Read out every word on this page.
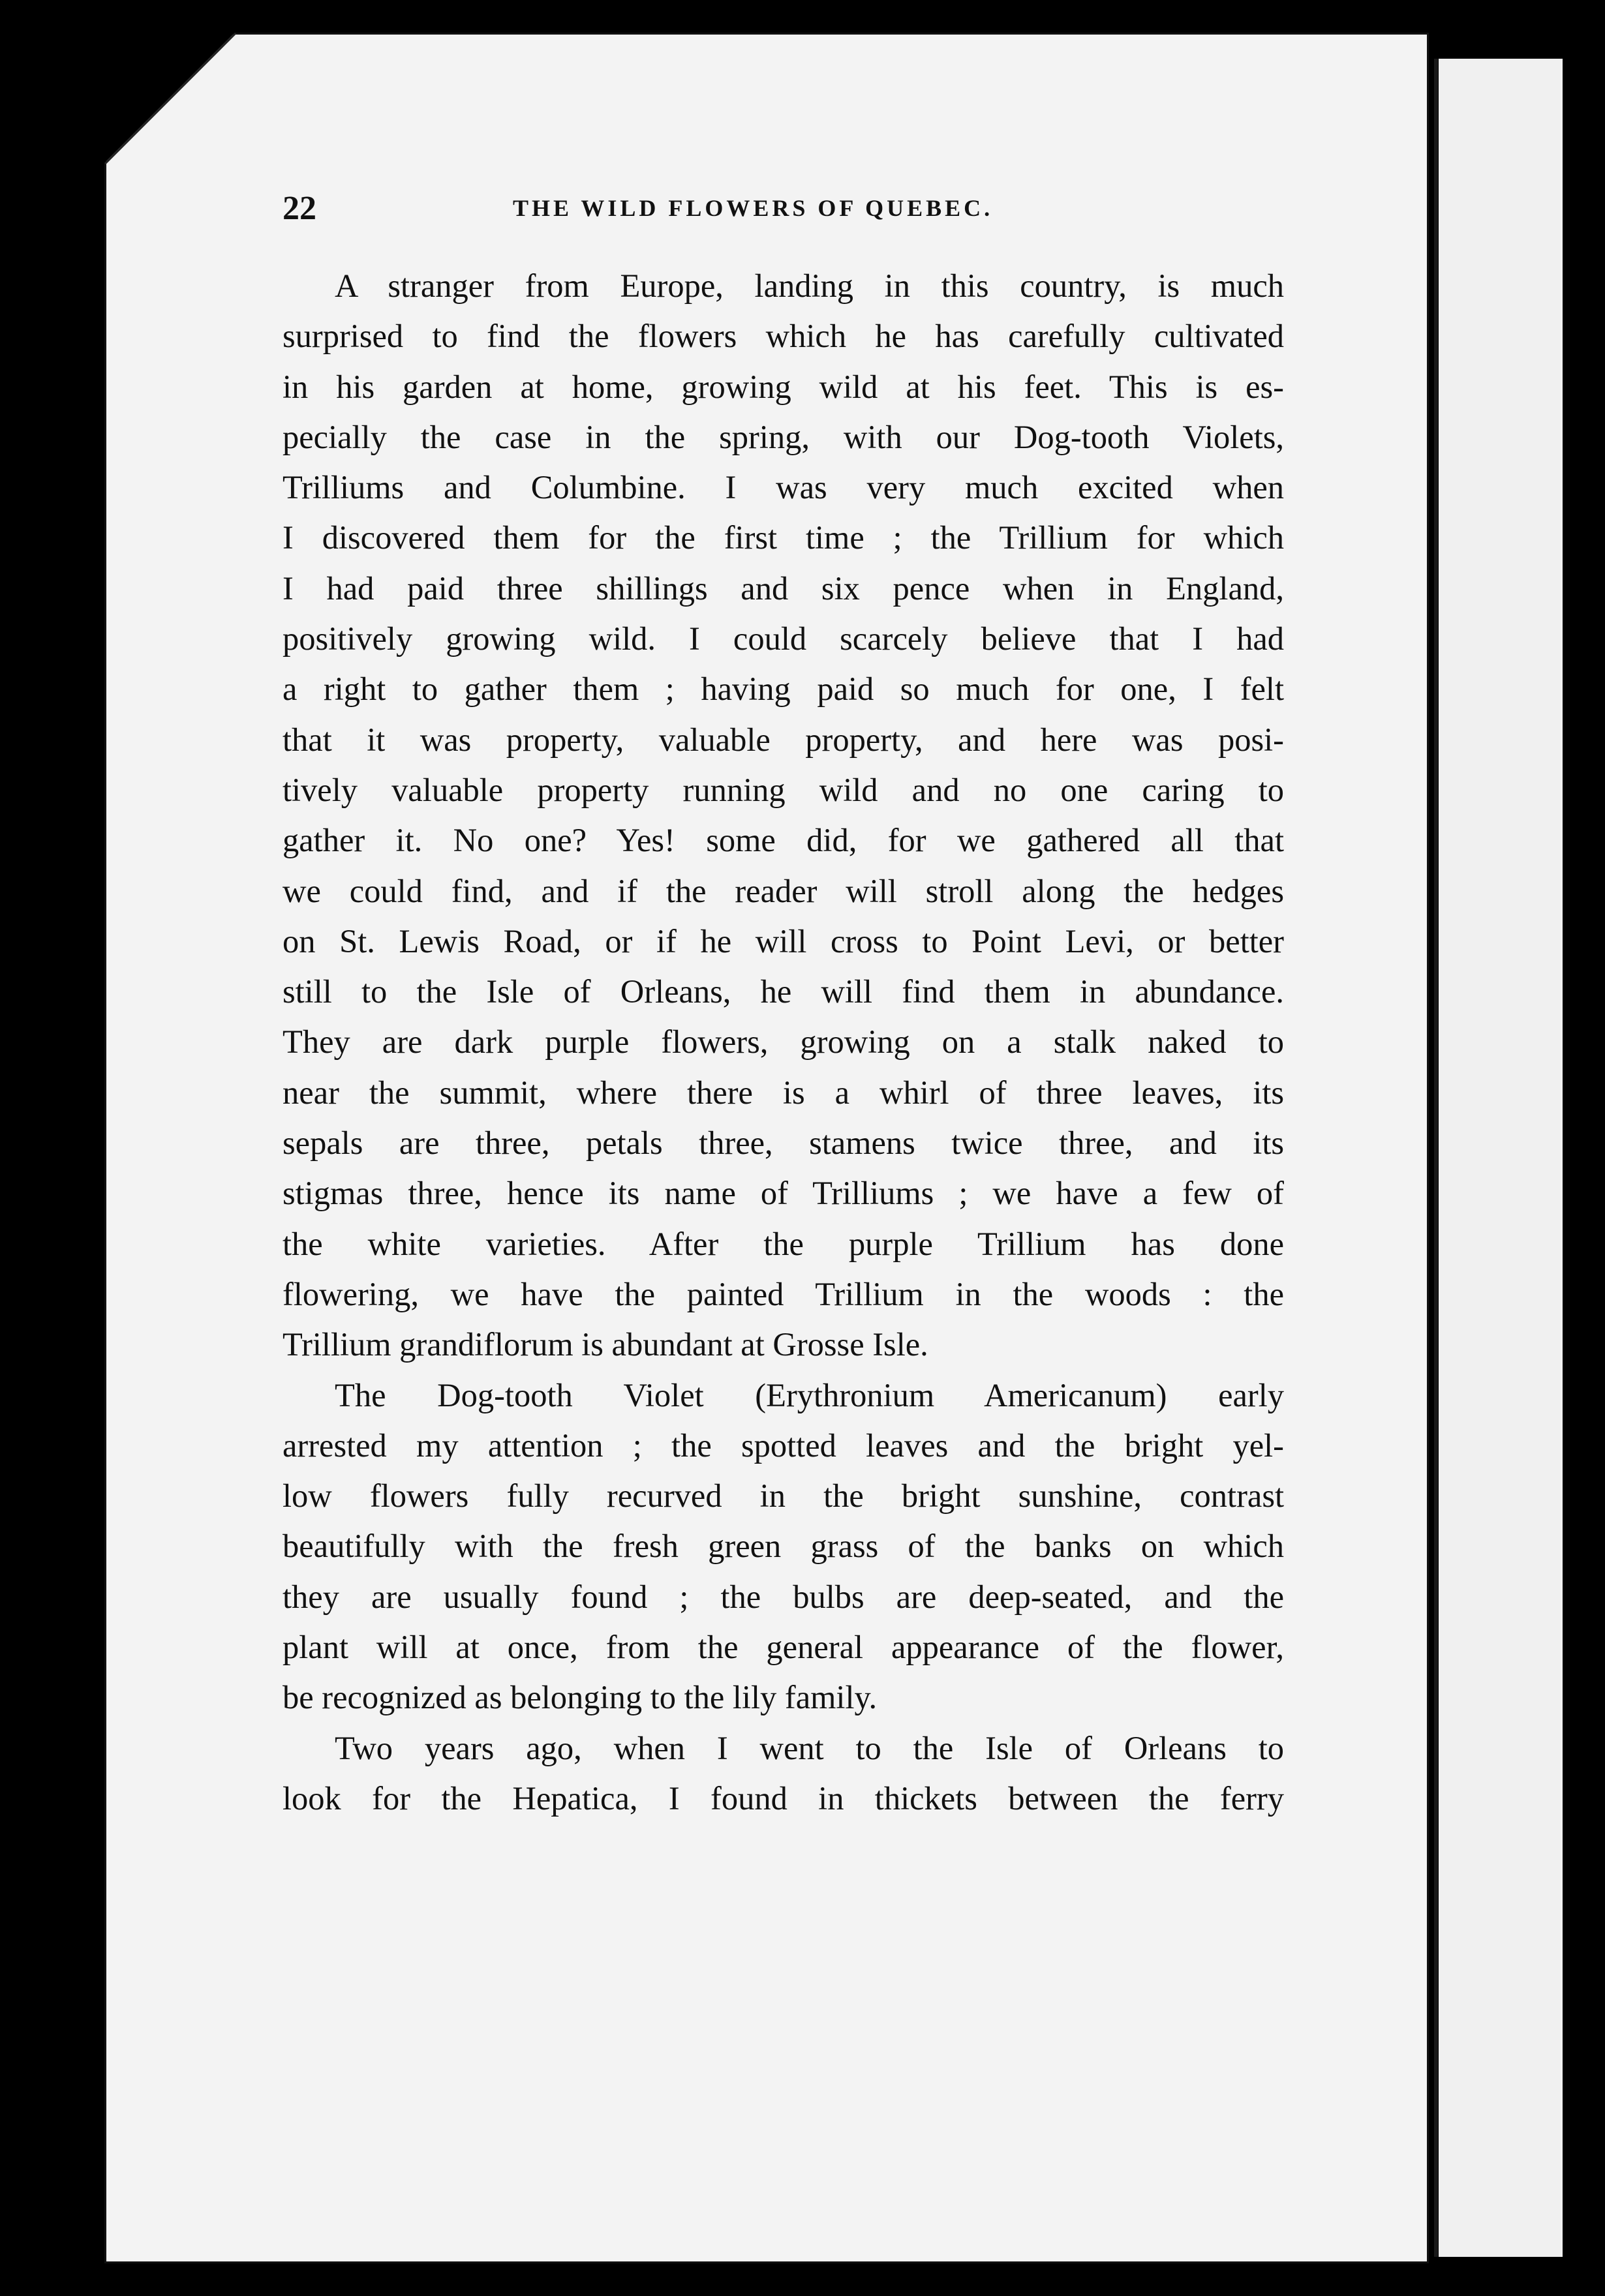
22	THE WILD FLOWERS OF QUEBEC.
A stranger from Europe, landing in this country, is much
surprised to find the flowers which he has carefully cultivated
in his garden at home, growing wild at his feet. This is es-
pecially the case in the spring, with our Dog-tooth Violets,
Trilliums and Columbine. I was very much excited when
I discovered them for the first time ; the Trillium for which
I had paid three shillings and six pence when in England,
positively growing wild. I could scarcely believe that I had
a right to gather them ; having paid so much for one, I felt
that it was property, valuable property, and here was posi-
tively valuable property running wild and no one caring to
gather it. No one? Yes! some did, for we gathered all that
we could find, and if the reader will stroll along the hedges
on St. Lewis Road, or if he will cross to Point Levi, or better
still to the Isle of Orleans, he will find them in abundance.
They are dark purple flowers, growing on a stalk naked to
near the summit, where there is a whirl of three leaves, its
sepals are three, petals three, stamens twice three, and its
stigmas three, hence its name of Trilliums ; we have a few of
the white varieties. After the purple Trillium has done
flowering, we have the painted Trillium in the woods : the
Trillium grandiflorum is abundant at Grosse Isle.
The Dog-tooth Violet (Erythronium Americanum) early
arrested my attention ; the spotted leaves and the bright yel-
low flowers fully recurved in the bright sunshine, contrast
beautifully with the fresh green grass of the banks on which
they are usually found ; the bulbs are deep-seated, and the
plant will at once, from the general appearance of the flower,
be recognized as belonging to the lily family.
Two years ago, when I went to the Isle of Orleans to
look for the Hepatica, I found in thickets between the ferry
